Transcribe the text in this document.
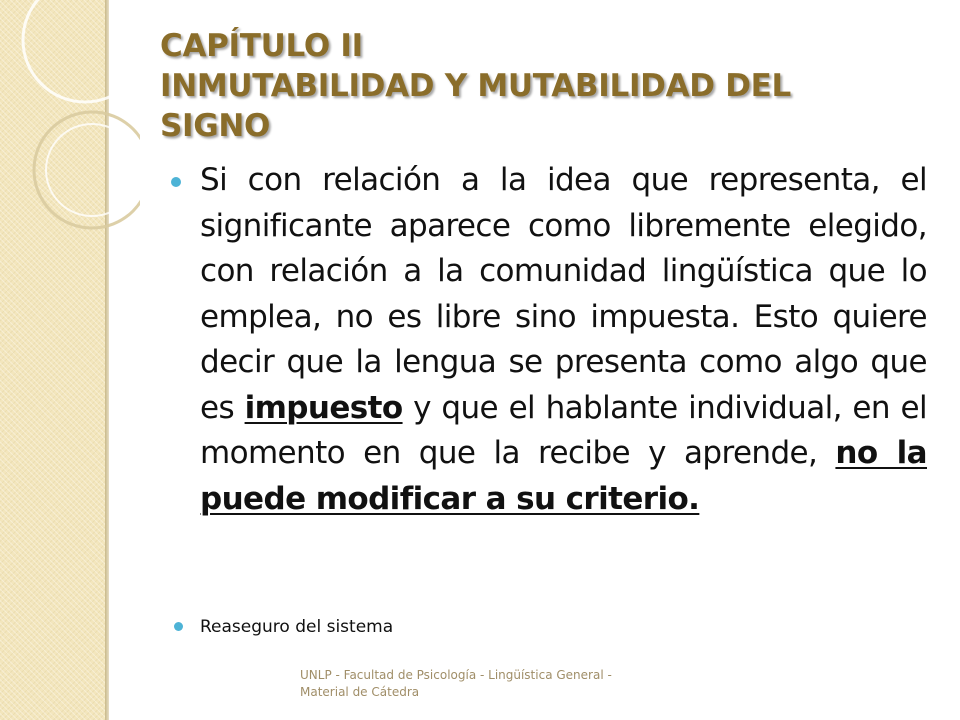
CAPÍTULO II
INMUTABILIDAD Y MUTABILIDAD DEL
SIGNO
Si con relación a la idea que representa, el significante aparece como libremente elegido, con relación a la comunidad lingüística que lo emplea, no es libre sino impuesta. Esto quiere decir que la lengua se presenta como algo que es impuesto y que el hablante individual, en el momento en que la recibe y aprende, no la puede modificar a su criterio.
Reaseguro del sistema
UNLP - Facultad de Psicología - Lingüística General - Material de Cátedra
